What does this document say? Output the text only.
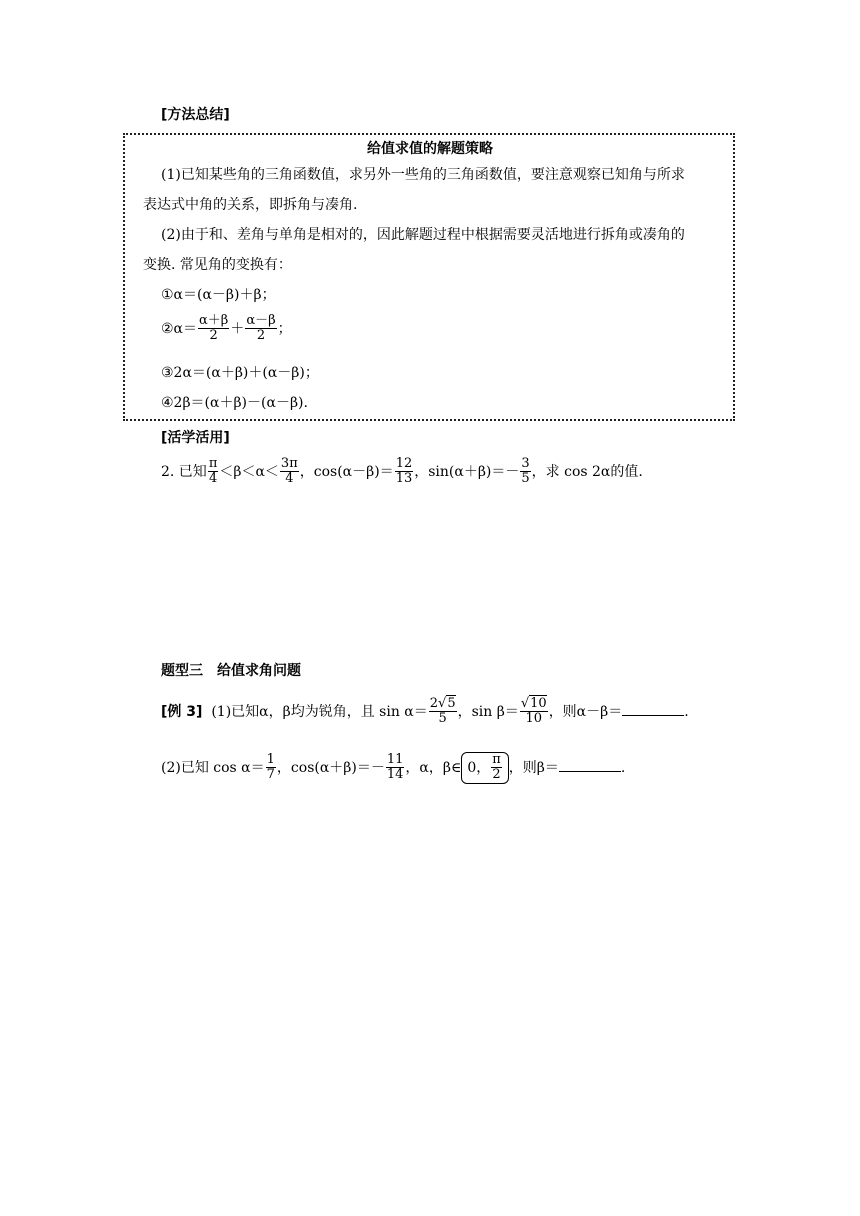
[方法总结]
给值求值的解题策略
(1)已知某些角的三角函数值，求另外一些角的三角函数值，要注意观察已知角与所求
表达式中角的关系，即拆角与凑角.
(2)由于和、差角与单角是相对的，因此解题过程中根据需要灵活地进行拆角或凑角的
变换. 常见角的变换有：
①α＝(α－β)＋β；
②α＝ $\frac{\alpha+\beta}{2} + \frac{\alpha-\beta}{2}$ ；
③2α＝(α＋β)＋(α－β)；
④2β＝(α＋β)－(α－β).
[活学活用]
2. 已知 $\frac{\pi}{4} <\beta<\alpha< \frac{3\pi}{4}$ ，$\cos(\alpha-\beta)= \frac{12}{13}$ ，$\sin(\alpha+\beta)=- \frac{3}{5}$ ，求 cos 2α的值.
题型三　给值求角问题
[例 3] (1)已知α，β均为锐角，且 $\sin \alpha= \frac{2√5}{5}$ ，$\sin \beta= \frac{√10}{10}$ ，则α－β＝	.
(2)已知 $\cos \alpha= \frac{1}{7}$ ，$\cos(\alpha+\beta)=- \frac{11}{14}$ ，α，β∈ 0， $\frac{\pi}{2}$ ，则β＝	.
